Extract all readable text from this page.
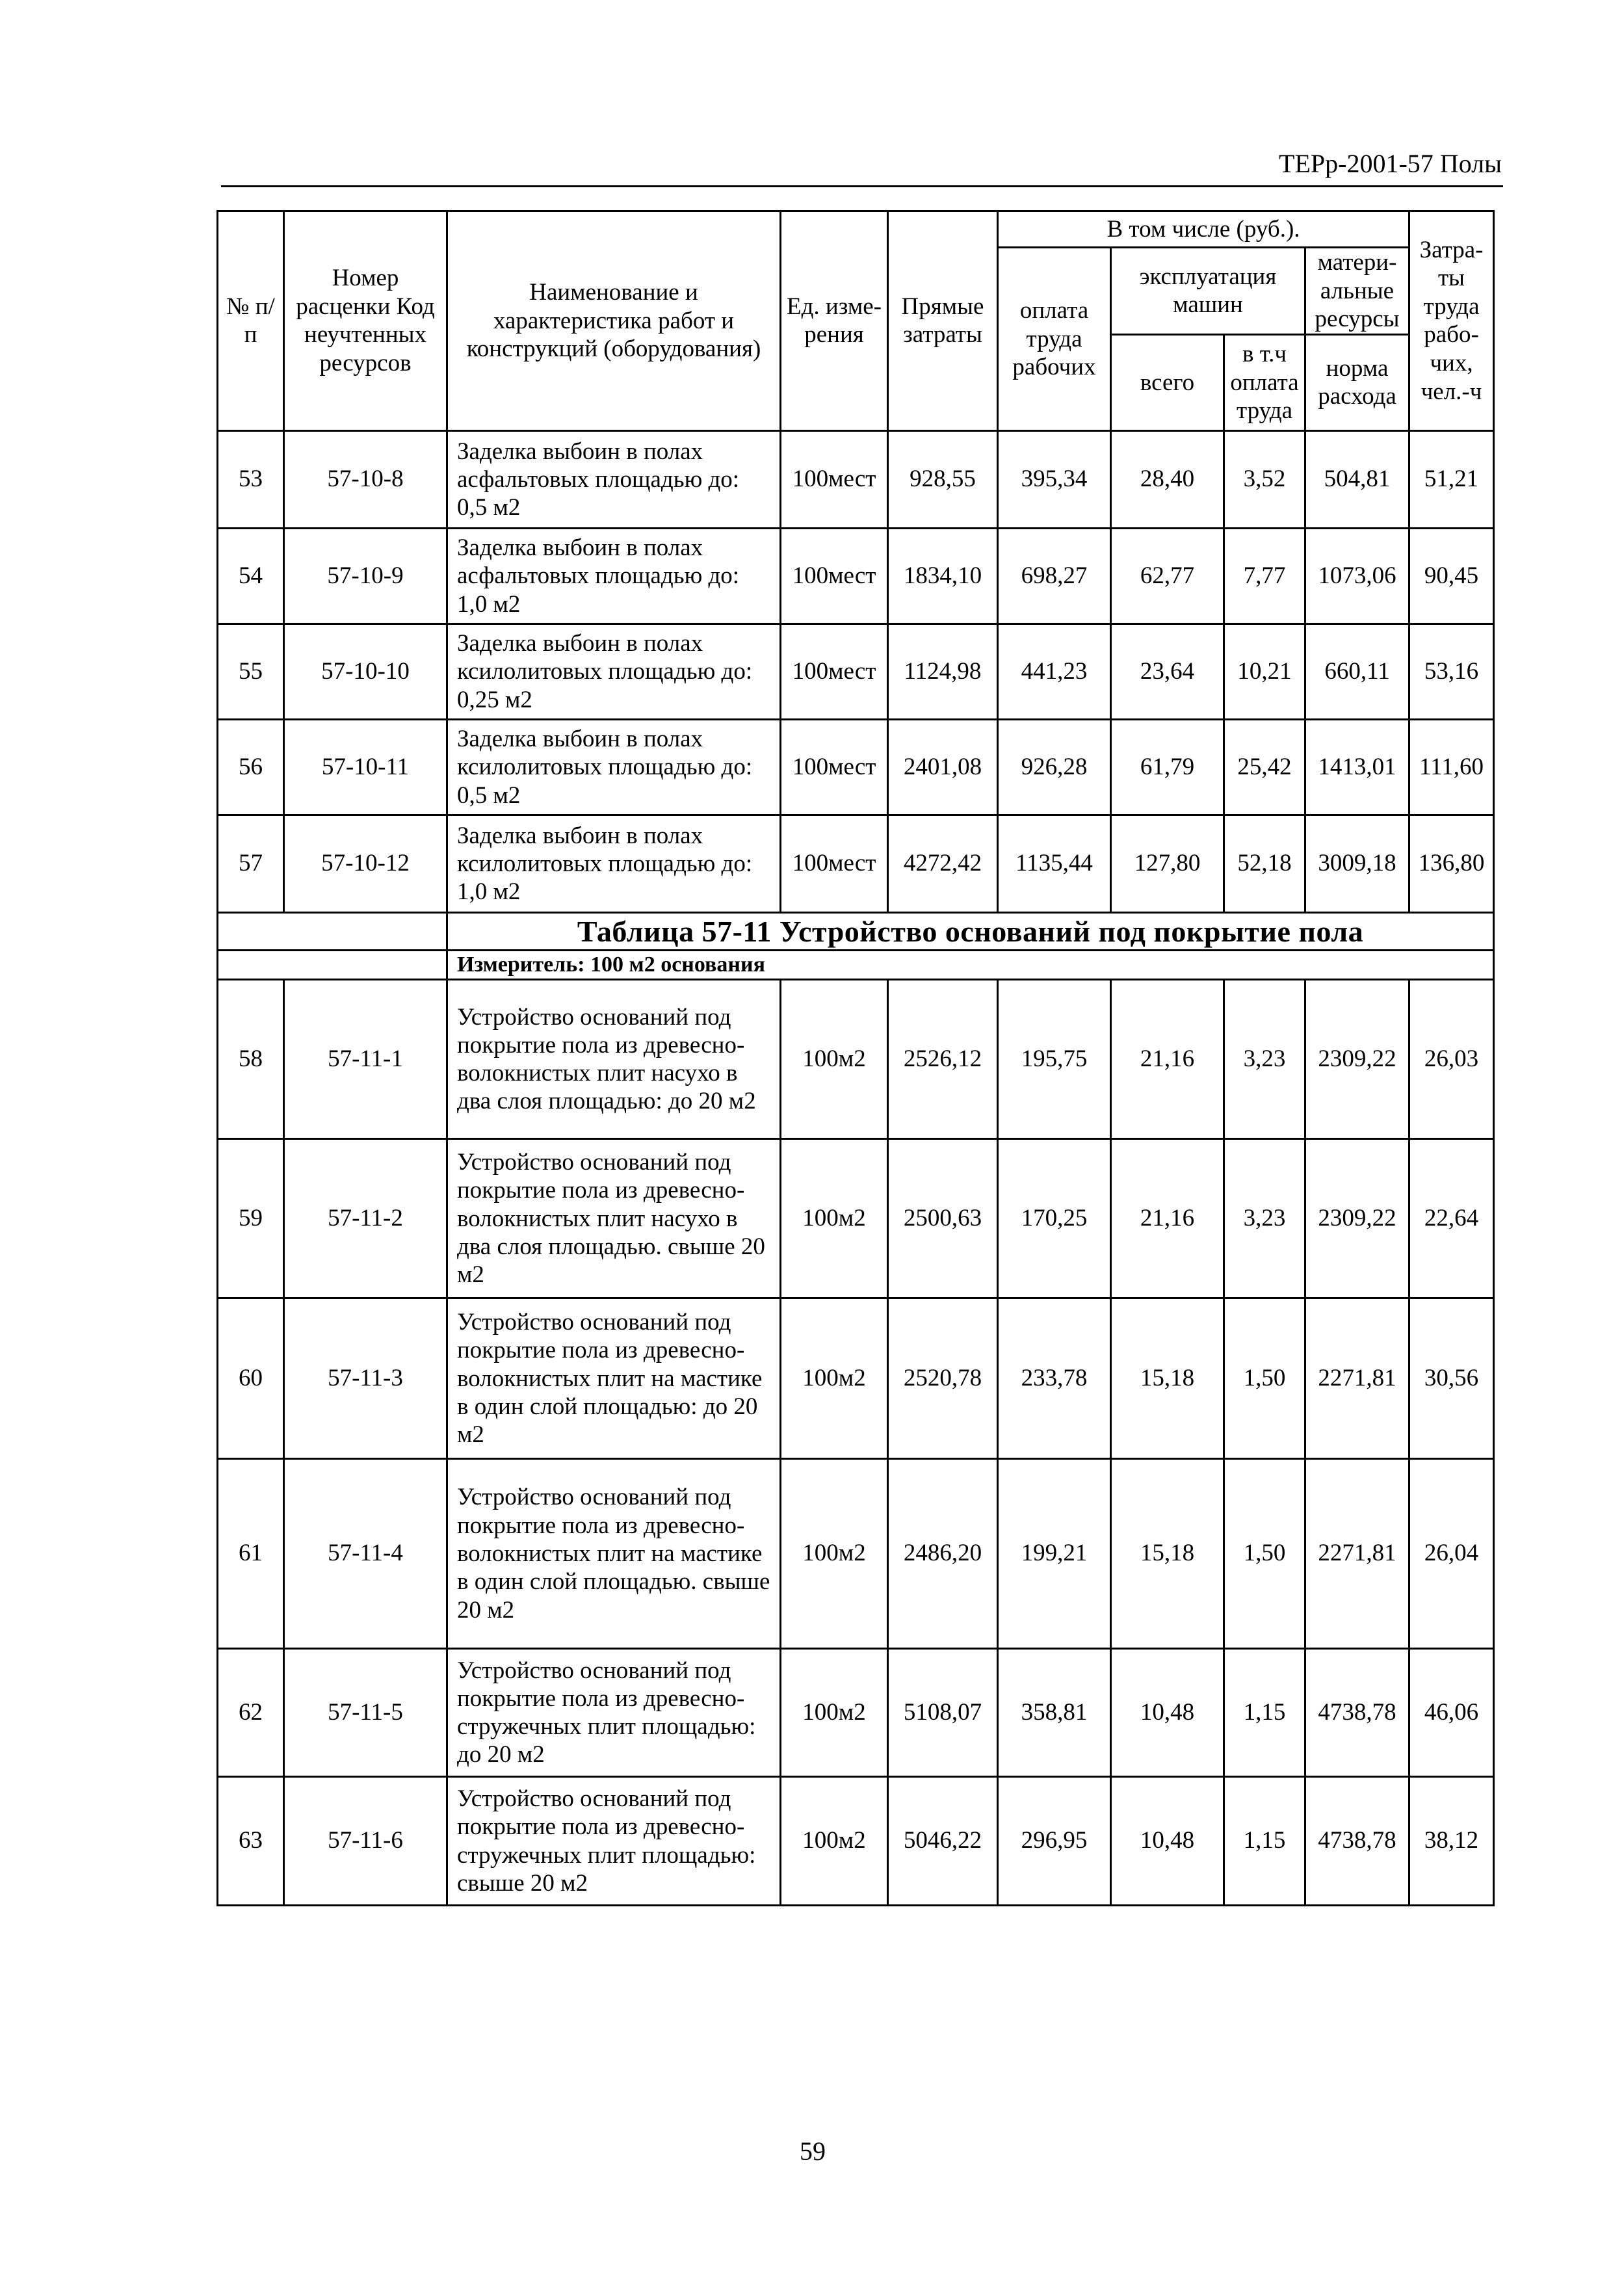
ТЕРр-2001-57 Полы
№ п/п	Номер расценки Код неучтенных ресурсов	Наименование и характеристика работ и конструкций (оборудования)	Ед. изме- рения	Прямые затраты	В том числе (руб.).				Затра- ты труда рабо- чих, чел.-ч
					оплата труда рабочих	эксплуатация машин		матери- альные ресурсы	
						всего	в т.ч оплата труда	норма расхода	
53	57-10-8	Заделка выбоин в полах асфальтовых площадью до: 0,5 м2	100мест	928,55	395,34	28,40	3,52	504,81	51,21
54	57-10-9	Заделка выбоин в полах асфальтовых площадью до: 1,0 м2	100мест	1834,10	698,27	62,77	7,77	1073,06	90,45
55	57-10-10	Заделка выбоин в полах ксилолитовых площадью до: 0,25 м2	100мест	1124,98	441,23	23,64	10,21	660,11	53,16
56	57-10-11	Заделка выбоин в полах ксилолитовых площадью до: 0,5 м2	100мест	2401,08	926,28	61,79	25,42	1413,01	111,60
57	57-10-12	Заделка выбоин в полах ксилолитовых площадью до: 1,0 м2	100мест	4272,42	1135,44	127,80	52,18	3009,18	136,80
		Таблица 57-11 Устройство оснований под покрытие пола							
		Измеритель: 100 м2 основания							
58	57-11-1	Устройство оснований под покрытие пола из древесно-волокнистых плит насухо в два слоя площадью: до 20 м2	100м2	2526,12	195,75	21,16	3,23	2309,22	26,03
59	57-11-2	Устройство оснований под покрытие пола из древесно-волокнистых плит насухо в два слоя площадью. свыше 20 м2	100м2	2500,63	170,25	21,16	3,23	2309,22	22,64
60	57-11-3	Устройство оснований под покрытие пола из древесно-волокнистых плит на мастике в один слой площадью: до 20 м2	100м2	2520,78	233,78	15,18	1,50	2271,81	30,56
61	57-11-4	Устройство оснований под покрытие пола из древесно-волокнистых плит на мастике в один слой площадью. свыше 20 м2	100м2	2486,20	199,21	15,18	1,50	2271,81	26,04
62	57-11-5	Устройство оснований под покрытие пола из древесно-стружечных плит площадью: до 20 м2	100м2	5108,07	358,81	10,48	1,15	4738,78	46,06
63	57-11-6	Устройство оснований под покрытие пола из древесно-стружечных плит площадью: свыше 20 м2	100м2	5046,22	296,95	10,48	1,15	4738,78	38,12
59
